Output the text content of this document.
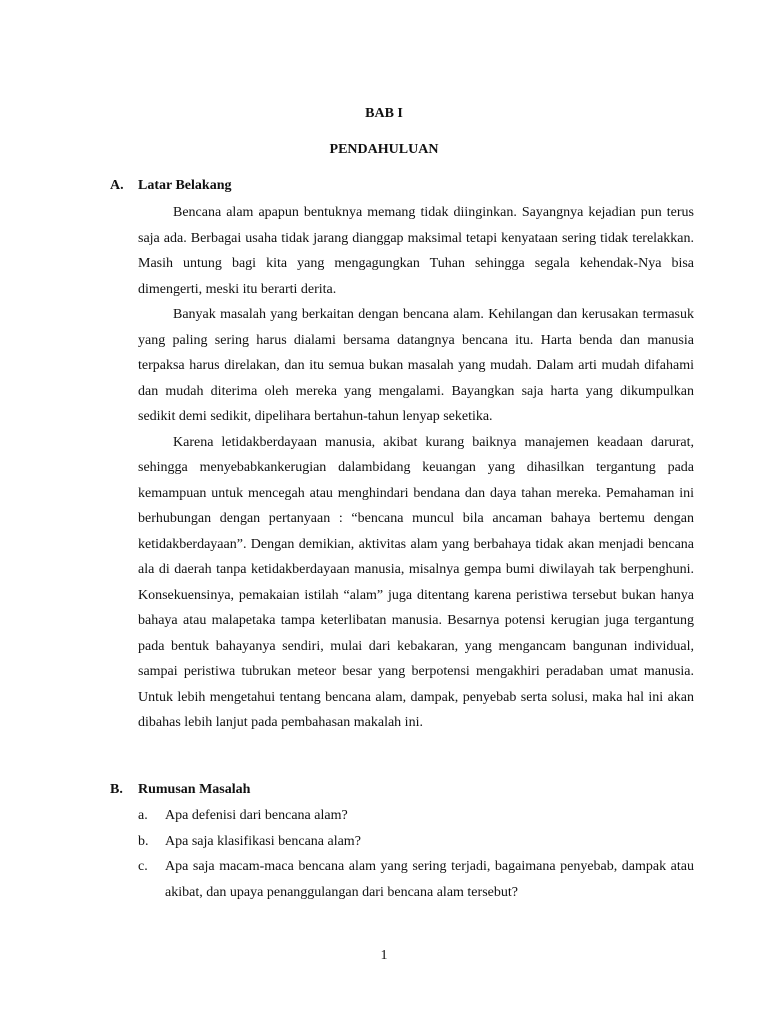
BAB I
PENDAHULUAN
A. Latar Belakang

Bencana alam apapun bentuknya memang tidak diinginkan. Sayangnya kejadian pun terus saja ada. Berbagai usaha tidak jarang dianggap maksimal tetapi kenyataan sering tidak terelakkan. Masih untung bagi kita yang mengagungkan Tuhan sehingga segala kehendak-Nya bisa dimengerti, meski itu berarti derita.

Banyak masalah yang berkaitan dengan bencana alam. Kehilangan dan kerusakan termasuk yang paling sering harus dialami bersama datangnya bencana itu. Harta benda dan manusia terpaksa harus direlakan, dan itu semua bukan masalah yang mudah. Dalam arti mudah difahami dan mudah diterima oleh mereka yang mengalami. Bayangkan saja harta yang dikumpulkan sedikit demi sedikit, dipelihara bertahun-tahun lenyap seketika.

Karena letidakberdayaan manusia, akibat kurang baiknya manajemen keadaan darurat, sehingga menyebabkankerugian dalambidang keuangan yang dihasilkan tergantung pada kemampuan untuk mencegah atau menghindari bendana dan daya tahan mereka. Pemahaman ini berhubungan dengan pertanyaan : “bencana muncul bila ancaman bahaya bertemu dengan ketidakberdayaan”. Dengan demikian, aktivitas alam yang berbahaya tidak akan menjadi bencana ala di daerah tanpa ketidakberdayaan manusia, misalnya gempa bumi diwilayah tak berpenghuni. Konsekuensinya, pemakaian istilah “alam” juga ditentang karena peristiwa tersebut bukan hanya bahaya atau malapetaka tampa keterlibatan manusia. Besarnya potensi kerugian juga tergantung pada bentuk bahayanya sendiri, mulai dari kebakaran, yang mengancam bangunan individual, sampai peristiwa tubrukan meteor besar yang berpotensi mengakhiri peradaban umat manusia. Untuk lebih mengetahui tentang bencana alam, dampak, penyebab serta solusi, maka hal ini akan dibahas lebih lanjut pada pembahasan makalah ini.

B. Rumusan Masalah
a. Apa defenisi dari bencana alam?
b. Apa saja klasifikasi bencana alam?
c. Apa saja macam-maca bencana alam yang sering terjadi, bagaimana penyebab, dampak atau akibat, dan upaya penanggulangan dari bencana alam tersebut?
1
